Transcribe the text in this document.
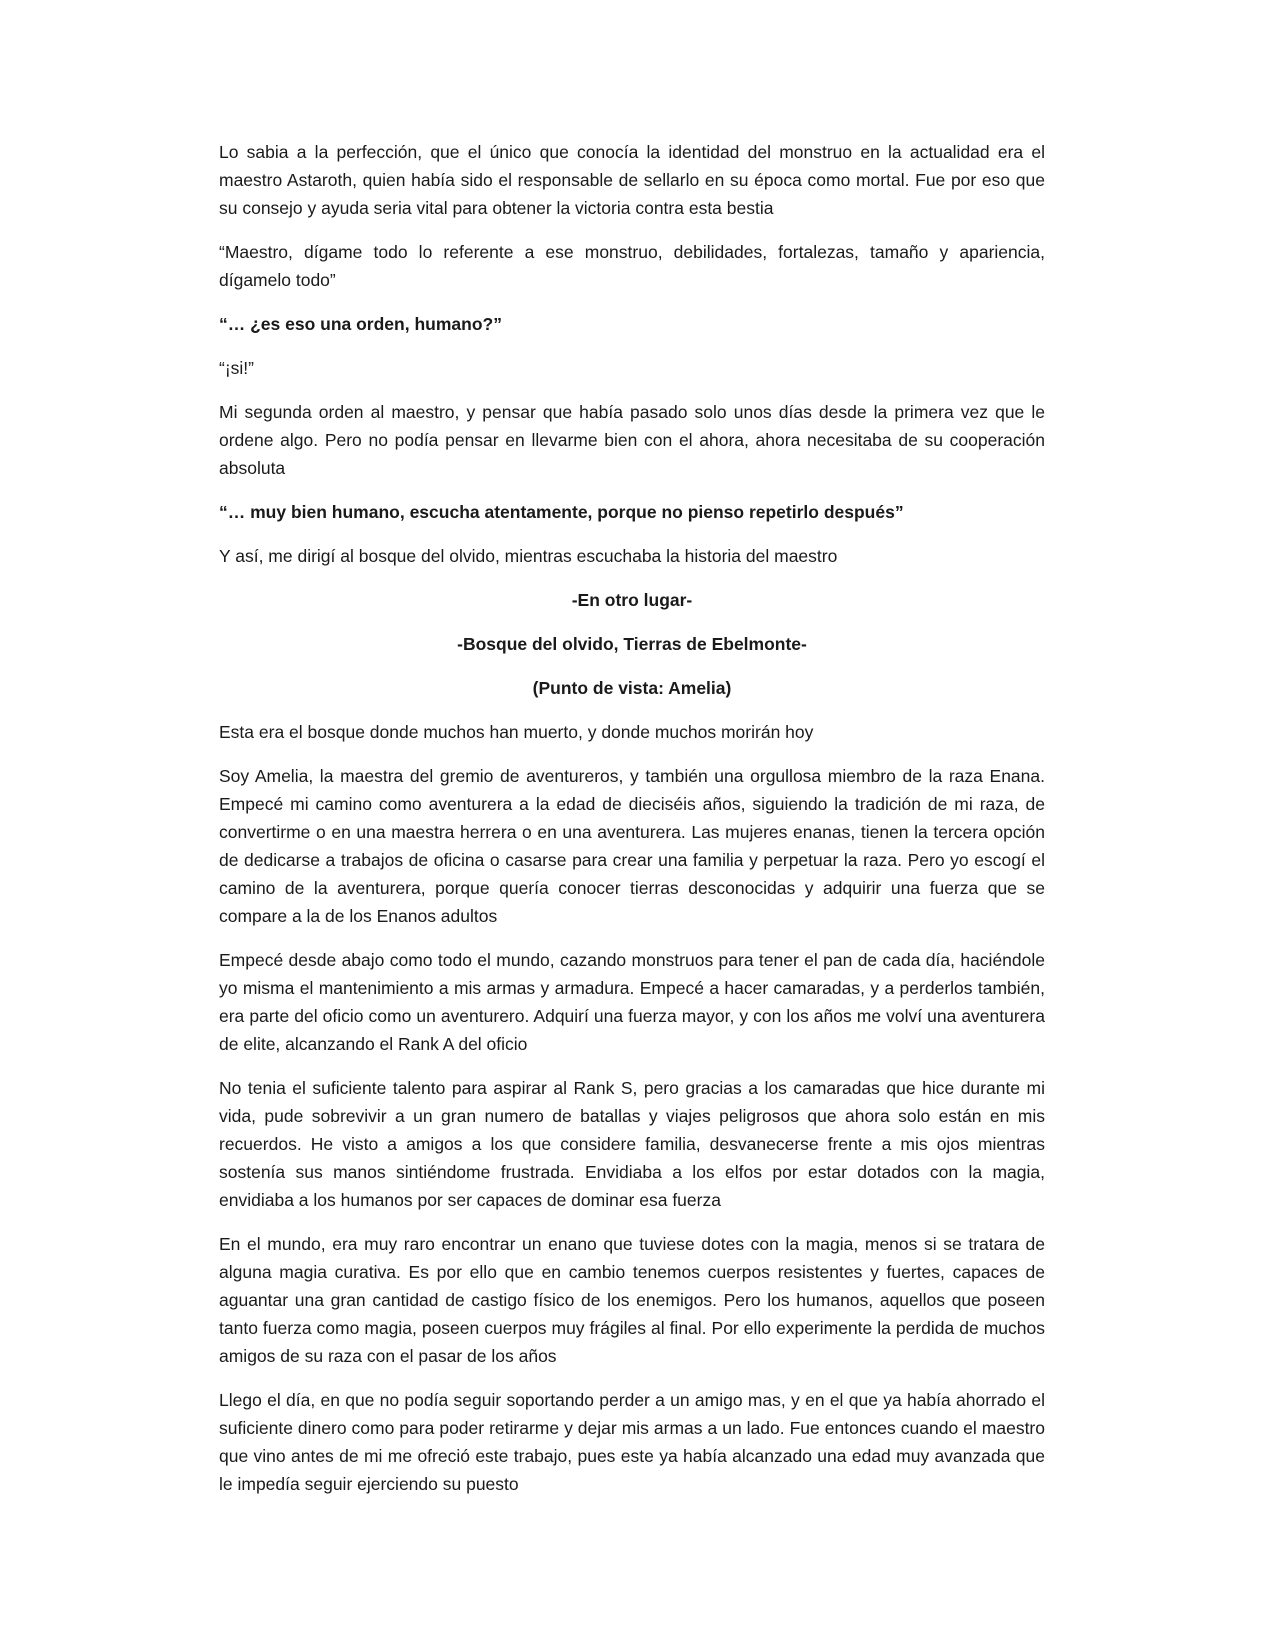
Lo sabia a la perfección, que el único que conocía la identidad del monstruo en la actualidad era el maestro Astaroth, quien había sido el responsable de sellarlo en su época como mortal. Fue por eso que su consejo y ayuda seria vital para obtener la victoria contra esta bestia

“Maestro, dígame todo lo referente a ese monstruo, debilidades, fortalezas, tamaño y apariencia, dígamelo todo”

“… ¿es eso una orden, humano?”

“¡si!”

Mi segunda orden al maestro, y pensar que había pasado solo unos días desde la primera vez que le ordene algo. Pero no podía pensar en llevarme bien con el ahora, ahora necesitaba de su cooperación absoluta

“… muy bien humano, escucha atentamente, porque no pienso repetirlo después”

Y así, me dirigí al bosque del olvido, mientras escuchaba la historia del maestro

-En otro lugar-

-Bosque del olvido, Tierras de Ebelmonte-

(Punto de vista: Amelia)

Esta era el bosque donde muchos han muerto, y donde muchos morirán hoy

Soy Amelia, la maestra del gremio de aventureros, y también una orgullosa miembro de la raza Enana. Empecé mi camino como aventurera a la edad de dieciséis años, siguiendo la tradición de mi raza, de convertirme o en una maestra herrera o en una aventurera. Las mujeres enanas, tienen la tercera opción de dedicarse a trabajos de oficina o casarse para crear una familia y perpetuar la raza. Pero yo escogí el camino de la aventurera, porque quería conocer tierras desconocidas y adquirir una fuerza que se compare a la de los Enanos adultos

Empecé desde abajo como todo el mundo, cazando monstruos para tener el pan de cada día, haciéndole yo misma el mantenimiento a mis armas y armadura. Empecé a hacer camaradas, y a perderlos también, era parte del oficio como un aventurero. Adquirí una fuerza mayor, y con los años me volví una aventurera de elite, alcanzando el Rank A del oficio

No tenia el suficiente talento para aspirar al Rank S, pero gracias a los camaradas que hice durante mi vida, pude sobrevivir a un gran numero de batallas y viajes peligrosos que ahora solo están en mis recuerdos. He visto a amigos a los que considere familia, desvanecerse frente a mis ojos mientras sostenía sus manos sintiéndome frustrada. Envidiaba a los elfos por estar dotados con la magia, envidiaba a los humanos por ser capaces de dominar esa fuerza

En el mundo, era muy raro encontrar un enano que tuviese dotes con la magia, menos si se tratara de alguna magia curativa. Es por ello que en cambio tenemos cuerpos resistentes y fuertes, capaces de aguantar una gran cantidad de castigo físico de los enemigos. Pero los humanos, aquellos que poseen tanto fuerza como magia, poseen cuerpos muy frágiles al final. Por ello experimente la perdida de muchos amigos de su raza con el pasar de los años

Llego el día, en que no podía seguir soportando perder a un amigo mas, y en el que ya había ahorrado el suficiente dinero como para poder retirarme y dejar mis armas a un lado. Fue entonces cuando el maestro que vino antes de mi me ofreció este trabajo, pues este ya había alcanzado una edad muy avanzada que le impedía seguir ejerciendo su puesto
